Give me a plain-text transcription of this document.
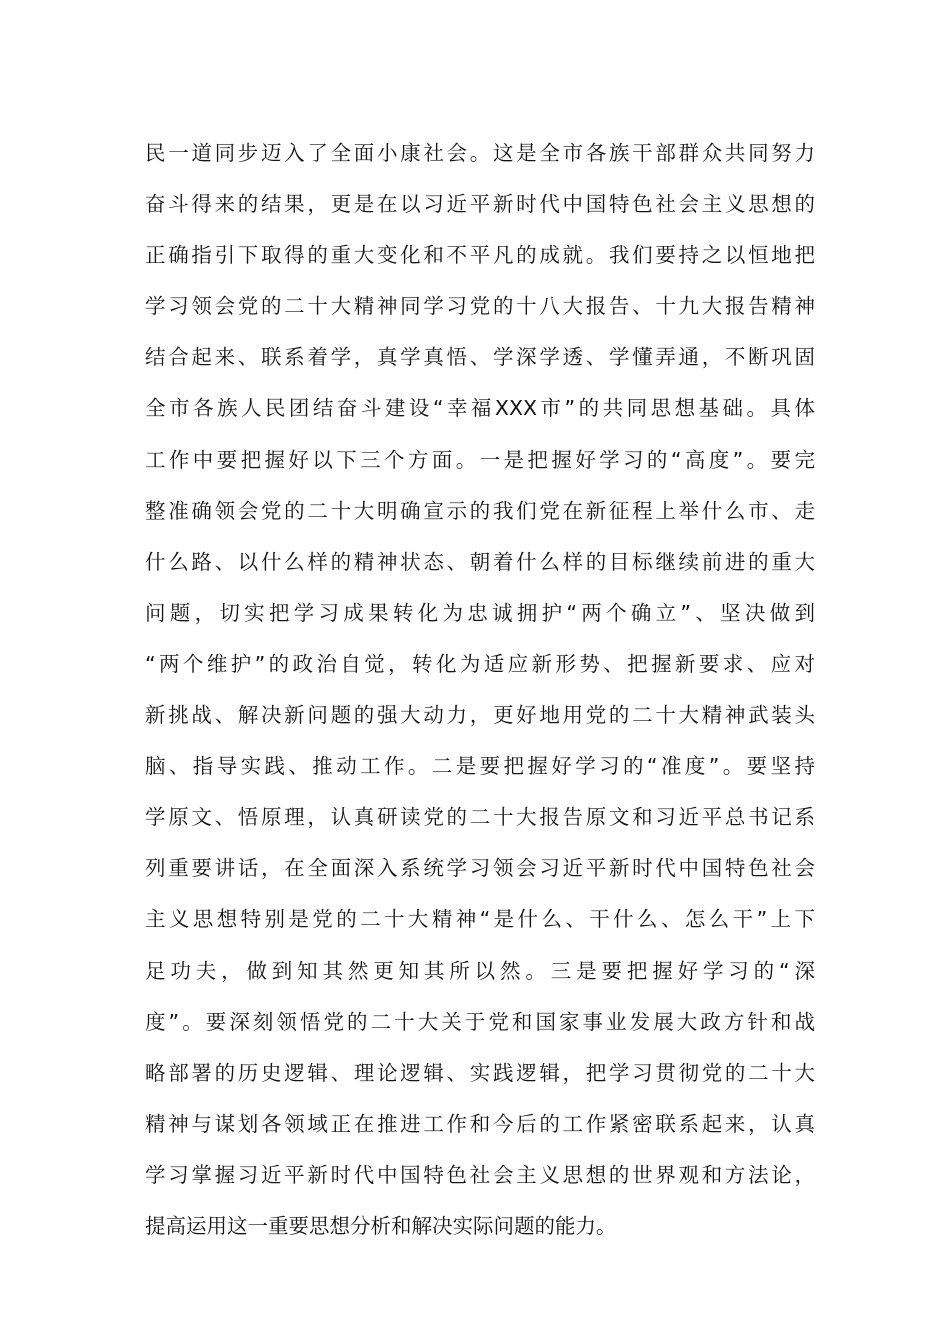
民一道同步迈入了全面小康社会。这是全市各族干部群众共同努力
奋斗得来的结果，更是在以习近平新时代中国特色社会主义思想的
正确指引下取得的重大变化和不平凡的成就。我们要持之以恒地把
学习领会党的二十大精神同学习党的十八大报告、十九大报告精神
结合起来、联系着学，真学真悟、学深学透、学懂弄通，不断巩固
全市各族人民团结奋斗建设“幸福XXX市”的共同思想基础。具体
工作中要把握好以下三个方面。一是把握好学习的“高度”。要完
整准确领会党的二十大明确宣示的我们党在新征程上举什么市、走
什么路、以什么样的精神状态、朝着什么样的目标继续前进的重大
问题，切实把学习成果转化为忠诚拥护“两个确立”、坚决做到
“两个维护”的政治自觉，转化为适应新形势、把握新要求、应对
新挑战、解决新问题的强大动力，更好地用党的二十大精神武装头
脑、指导实践、推动工作。二是要把握好学习的“准度”。要坚持
学原文、悟原理，认真研读党的二十大报告原文和习近平总书记系
列重要讲话，在全面深入系统学习领会习近平新时代中国特色社会
主义思想特别是党的二十大精神“是什么、干什么、怎么干”上下
足功夫，做到知其然更知其所以然。三是要把握好学习的“深
度”。要深刻领悟党的二十大关于党和国家事业发展大政方针和战
略部署的历史逻辑、理论逻辑、实践逻辑，把学习贯彻党的二十大
精神与谋划各领域正在推进工作和今后的工作紧密联系起来，认真
学习掌握习近平新时代中国特色社会主义思想的世界观和方法论，
提高运用这一重要思想分析和解决实际问题的能力。
